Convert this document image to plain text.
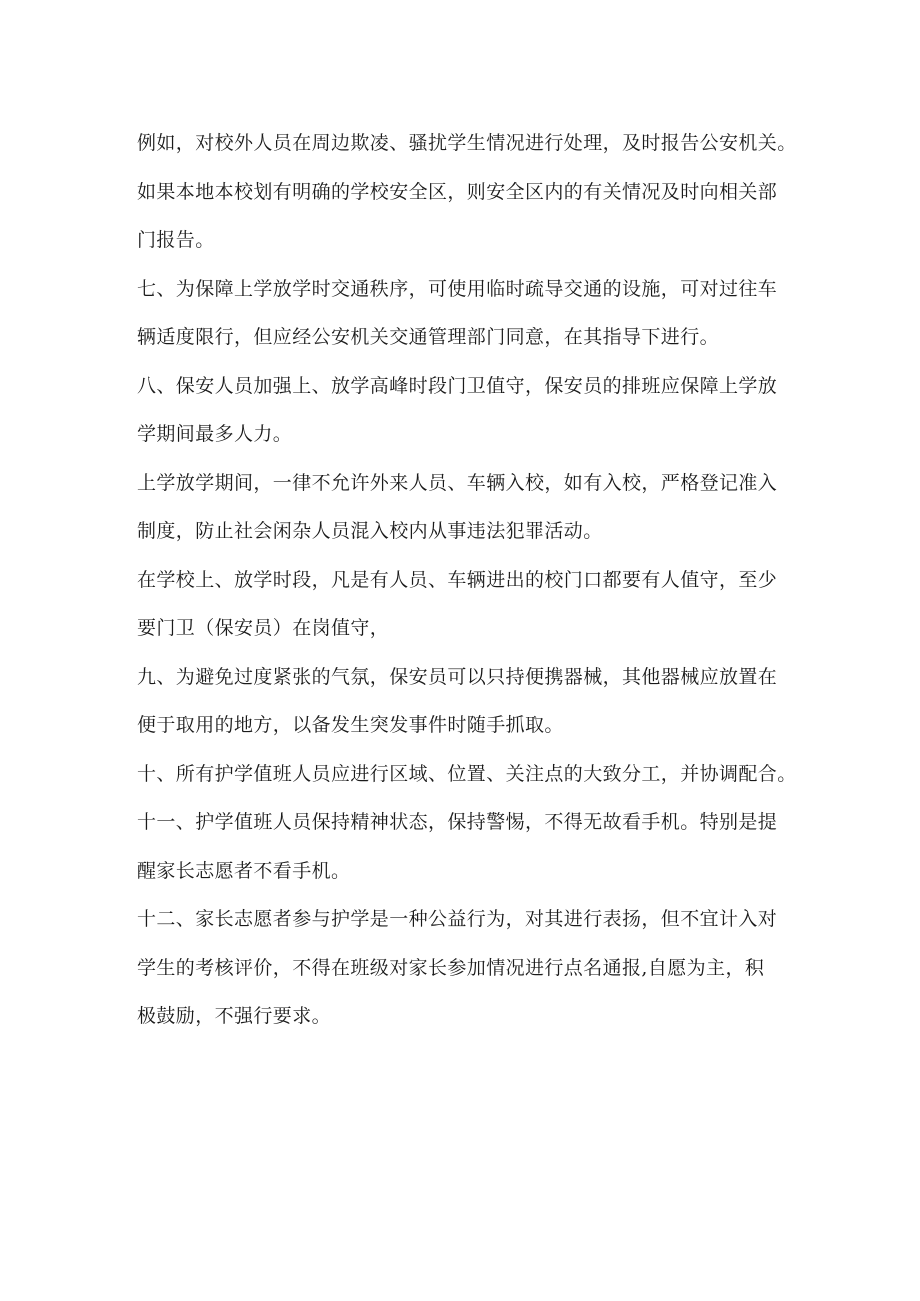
例如，对校外人员在周边欺凌、骚扰学生情况进行处理，及时报告公安机关。
如果本地本校划有明确的学校安全区，则安全区内的有关情况及时向相关部
门报告。
七、为保障上学放学时交通秩序，可使用临时疏导交通的设施，可对过往车
辆适度限行，但应经公安机关交通管理部门同意，在其指导下进行。
八、保安人员加强上、放学高峰时段门卫值守，保安员的排班应保障上学放
学期间最多人力。
上学放学期间，一律不允许外来人员、车辆入校，如有入校，严格登记准入
制度，防止社会闲杂人员混入校内从事违法犯罪活动。
在学校上、放学时段，凡是有人员、车辆进出的校门口都要有人值守，至少
要门卫（保安员）在岗值守，
九、为避免过度紧张的气氛，保安员可以只持便携器械，其他器械应放置在
便于取用的地方，以备发生突发事件时随手抓取。
十、所有护学值班人员应进行区域、位置、关注点的大致分工，并协调配合。
十一、护学值班人员保持精神状态，保持警惕，不得无故看手机。特别是提
醒家长志愿者不看手机。
十二、家长志愿者参与护学是一种公益行为，对其进行表扬，但不宜计入对
学生的考核评价，不得在班级对家长参加情况进行点名通报,自愿为主，积
极鼓励，不强行要求。
